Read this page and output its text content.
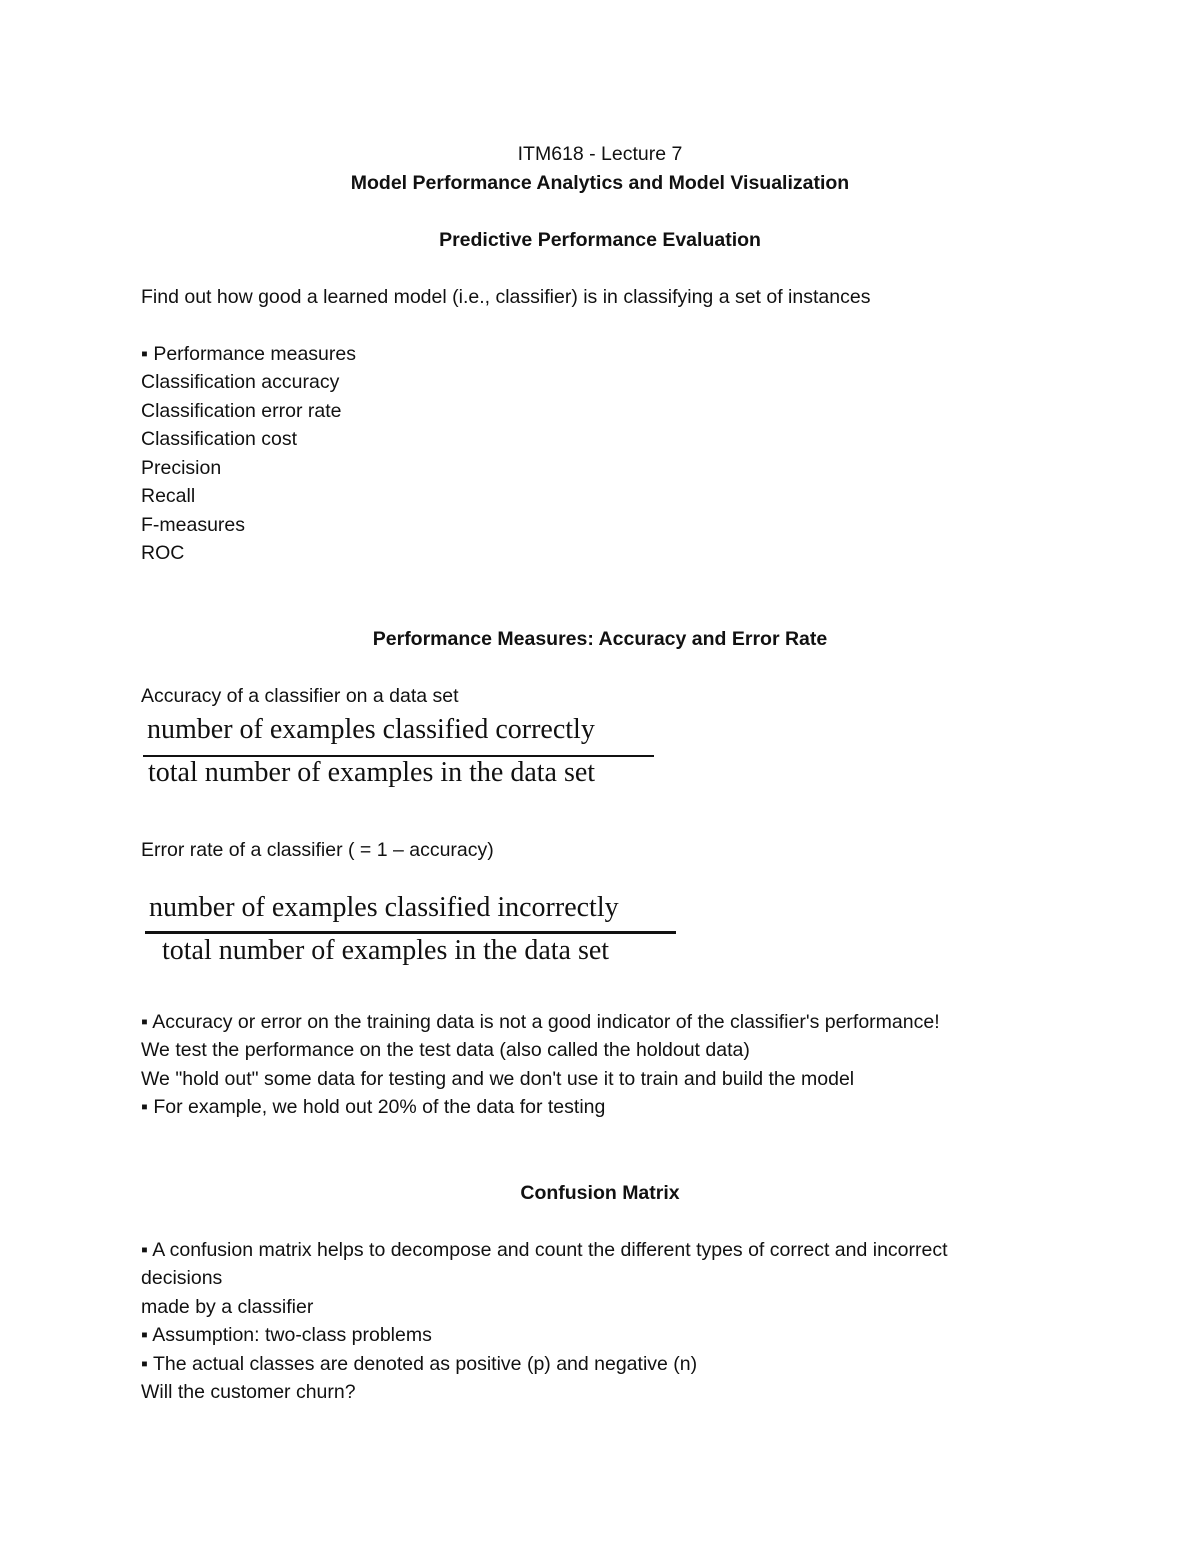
ITM618 - Lecture 7
Model Performance Analytics and Model Visualization
Predictive Performance Evaluation
Find out how good a learned model (i.e., classifier) is in classifying a set of instances
▪ Performance measures
Classification accuracy
Classification error rate
Classification cost
Precision
Recall
F-measures
ROC
Performance Measures: Accuracy and Error Rate
Accuracy of a classifier on a data set
number of examples classified correctly
total number of examples in the data set
Error rate of a classifier ( = 1 – accuracy)
number of examples classified incorrectly
total number of examples in the data set
▪ Accuracy or error on the training data is not a good indicator of the classifier's performance!
We test the performance on the test data (also called the holdout data)
We "hold out" some data for testing and we don't use it to train and build the model
▪ For example, we hold out 20% of the data for testing
Confusion Matrix
▪ A confusion matrix helps to decompose and count the different types of correct and incorrect
decisions
made by a classifier
▪ Assumption: two-class problems
▪ The actual classes are denoted as positive (p) and negative (n)
Will the customer churn?
